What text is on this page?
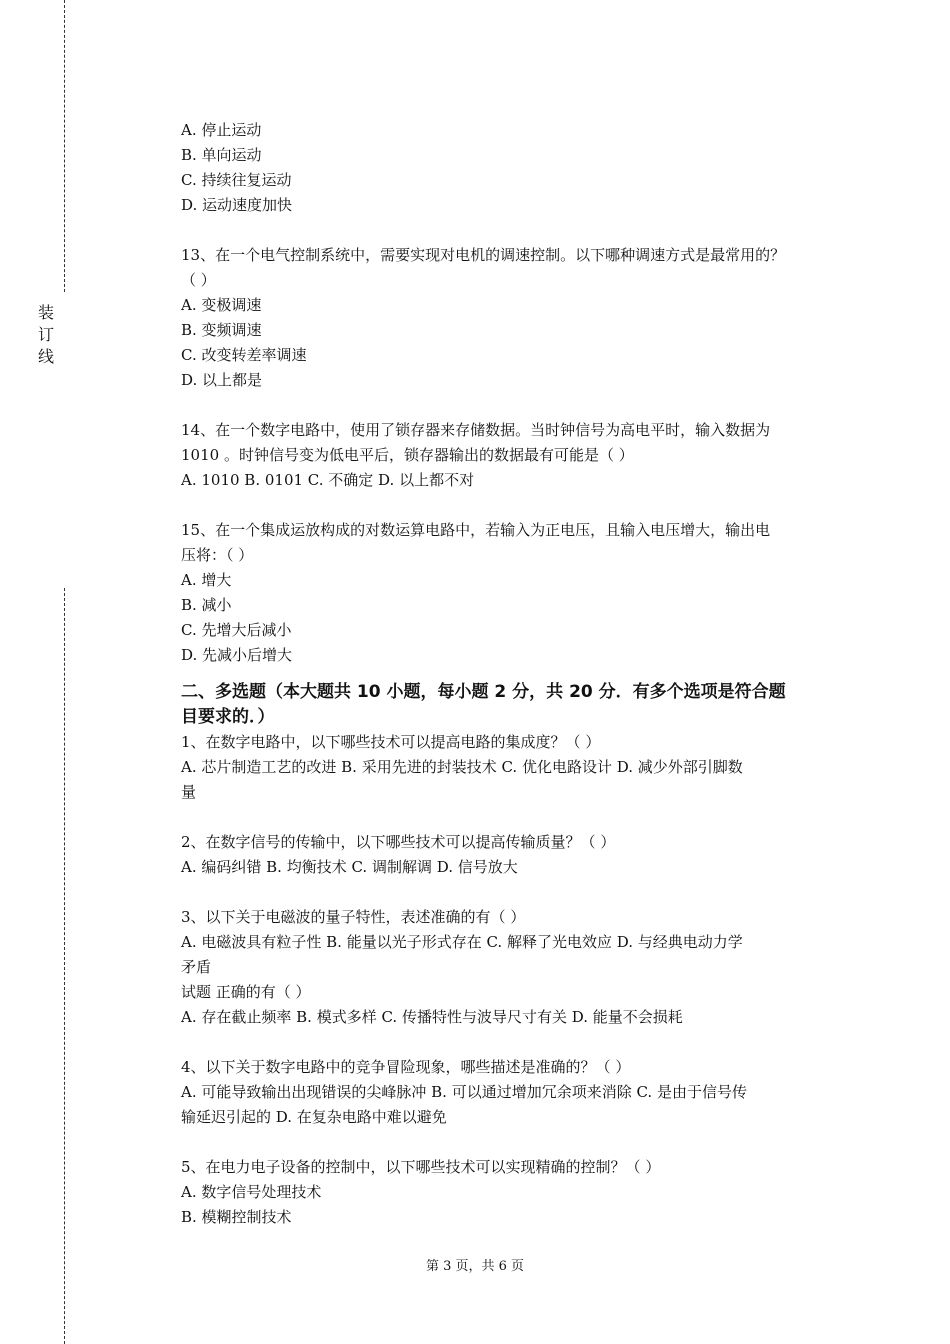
装
订
线
A. 停止运动
B. 单向运动
C. 持续往复运动
D. 运动速度加快
13、在一个电气控制系统中，需要实现对电机的调速控制。以下哪种调速方式是最常用的？
（ ）
A. 变极调速
B. 变频调速
C. 改变转差率调速
D. 以上都是
14、在一个数字电路中，使用了锁存器来存储数据。当时钟信号为高电平时，输入数据为
1010 。时钟信号变为低电平后，锁存器输出的数据最有可能是（ ）
A. 1010 B. 0101 C. 不确定 D. 以上都不对
15、在一个集成运放构成的对数运算电路中，若输入为正电压，且输入电压增大，输出电
压将：（ ）
A. 增大
B. 减小
C. 先增大后减小
D. 先减小后增大
二、多选题（本大题共 10 小题，每小题 2 分，共 20 分．有多个选项是符合题
目要求的．）
1、在数字电路中，以下哪些技术可以提高电路的集成度？（ ）
A. 芯片制造工艺的改进 B. 采用先进的封装技术 C. 优化电路设计 D. 减少外部引脚数
量
2、在数字信号的传输中，以下哪些技术可以提高传输质量？（ ）
A. 编码纠错 B. 均衡技术 C. 调制解调 D. 信号放大
3、以下关于电磁波的量子特性，表述准确的有（ ）
A. 电磁波具有粒子性 B. 能量以光子形式存在 C. 解释了光电效应 D. 与经典电动力学
矛盾
试题 正确的有（ ）
A. 存在截止频率 B. 模式多样 C. 传播特性与波导尺寸有关 D. 能量不会损耗
4、以下关于数字电路中的竞争冒险现象，哪些描述是准确的？（ ）
A. 可能导致输出出现错误的尖峰脉冲 B. 可以通过增加冗余项来消除 C. 是由于信号传
输延迟引起的 D. 在复杂电路中难以避免
5、在电力电子设备的控制中，以下哪些技术可以实现精确的控制？（ ）
A. 数字信号处理技术
B. 模糊控制技术
第 3 页，共 6 页
